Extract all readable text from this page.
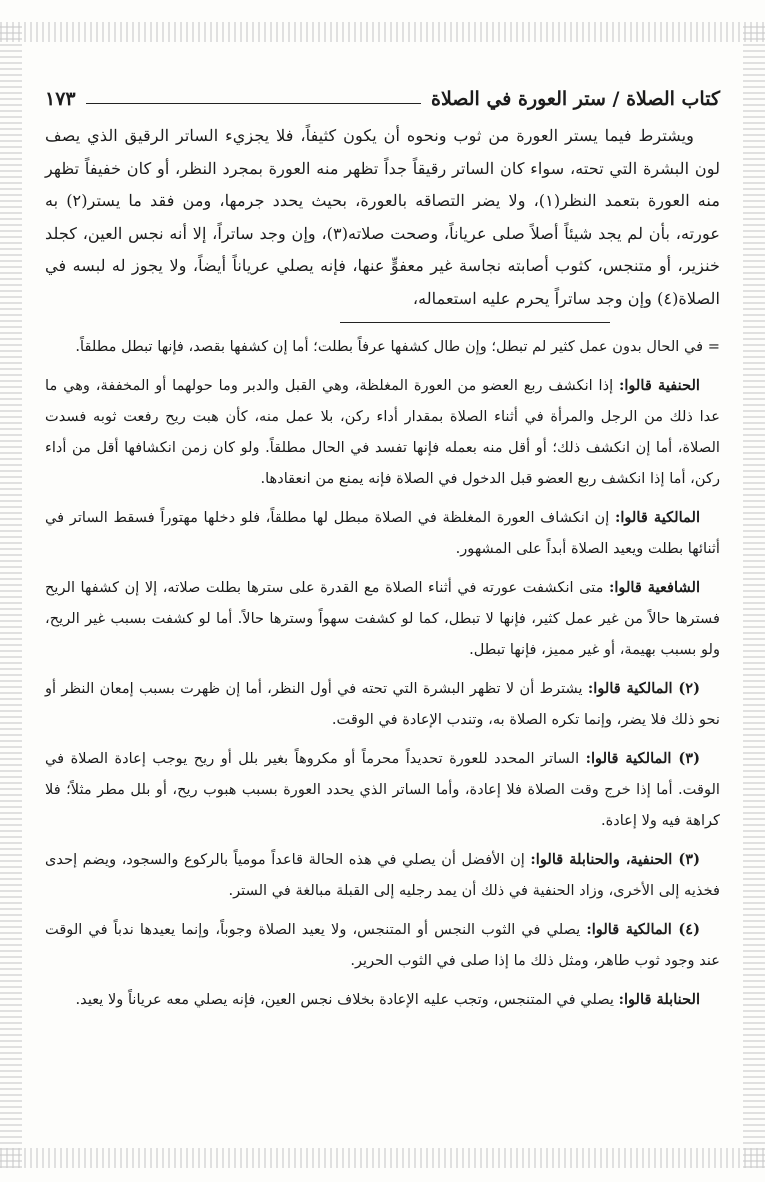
كتاب الصلاة / ستر العورة في الصلاة
١٧٣

ويشترط فيما يستر العورة من ثوب ونحوه أن يكون كثيفاً، فلا يجزيء الساتر الرقيق الذي يصف لون البشرة التي تحته، سواء كان الساتر رقيقاً جداً تظهر منه العورة بمجرد النظر، أو كان خفيفاً تظهر منه العورة بتعمد النظر(١)، ولا يضر التصاقه بالعورة، بحيث يحدد جرمها، ومن فقد ما يستر(٢) به عورته، بأن لم يجد شيئاً أصلاً صلى عرياناً، وصحت صلاته(٣)، وإن وجد ساتراً، إلا أنه نجس العين، كجلد خنزير، أو متنجس، كثوب أصابته نجاسة غير معفوٍّ عنها، فإنه يصلي عرياناً أيضاً، ولا يجوز له لبسه في الصلاة(٤) وإن وجد ساتراً يحرم عليه استعماله،

= في الحال بدون عمل كثير لم تبطل؛ وإن طال كشفها عرفاً بطلت؛ أما إن كشفها بقصد، فإنها تبطل مطلقاً.

الحنفية قالوا: إذا انكشف ربع العضو من العورة المغلظة، وهي القبل والدبر وما حولهما أو المخففة، وهي ما عدا ذلك من الرجل والمرأة في أثناء الصلاة بمقدار أداء ركن، بلا عمل منه، كأن هبت ريح رفعت ثوبه فسدت الصلاة، أما إن انكشف ذلك؛ أو أقل منه بعمله فإنها تفسد في الحال مطلقاً. ولو كان زمن انكشافها أقل من أداء ركن، أما إذا انكشف ربع العضو قبل الدخول في الصلاة فإنه يمنع من انعقادها.

المالكية قالوا: إن انكشاف العورة المغلظة في الصلاة مبطل لها مطلقاً، فلو دخلها مهتوراً فسقط الساتر في أثنائها بطلت ويعيد الصلاة أبداً على المشهور.

الشافعية قالوا: متى انكشفت عورته في أثناء الصلاة مع القدرة على سترها بطلت صلاته، إلا إن كشفها الريح فسترها حالاً من غير عمل كثير، فإنها لا تبطل، كما لو كشفت سهواً وسترها حالاً. أما لو كشفت بسبب غير الريح، ولو بسبب بهيمة، أو غير مميز، فإنها تبطل.

(٢) المالكية قالوا: يشترط أن لا تظهر البشرة التي تحته في أول النظر، أما إن ظهرت بسبب إمعان النظر أو نحو ذلك فلا يضر، وإنما تكره الصلاة به، وتندب الإعادة في الوقت.

(٣) المالكية قالوا: الساتر المحدد للعورة تحديداً محرماً أو مكروهاً بغير بلل أو ريح يوجب إعادة الصلاة في الوقت. أما إذا خرج وقت الصلاة فلا إعادة، وأما الساتر الذي يحدد العورة بسبب هبوب ريح، أو بلل مطر مثلاً؛ فلا كراهة فيه ولا إعادة.

(٣) الحنفية، والحنابلة قالوا: إن الأفضل أن يصلي في هذه الحالة قاعداً مومياً بالركوع والسجود، ويضم إحدى فخذيه إلى الأخرى، وزاد الحنفية في ذلك أن يمد رجليه إلى القبلة مبالغة في الستر.

(٤) المالكية قالوا: يصلي في الثوب النجس أو المتنجس، ولا يعيد الصلاة وجوباً، وإنما يعيدها ندباً في الوقت عند وجود ثوب طاهر، ومثل ذلك ما إذا صلى في الثوب الحرير.

الحنابلة قالوا: يصلي في المتنجس، وتجب عليه الإعادة بخلاف نجس العين، فإنه يصلي معه عرياناً ولا يعيد.
